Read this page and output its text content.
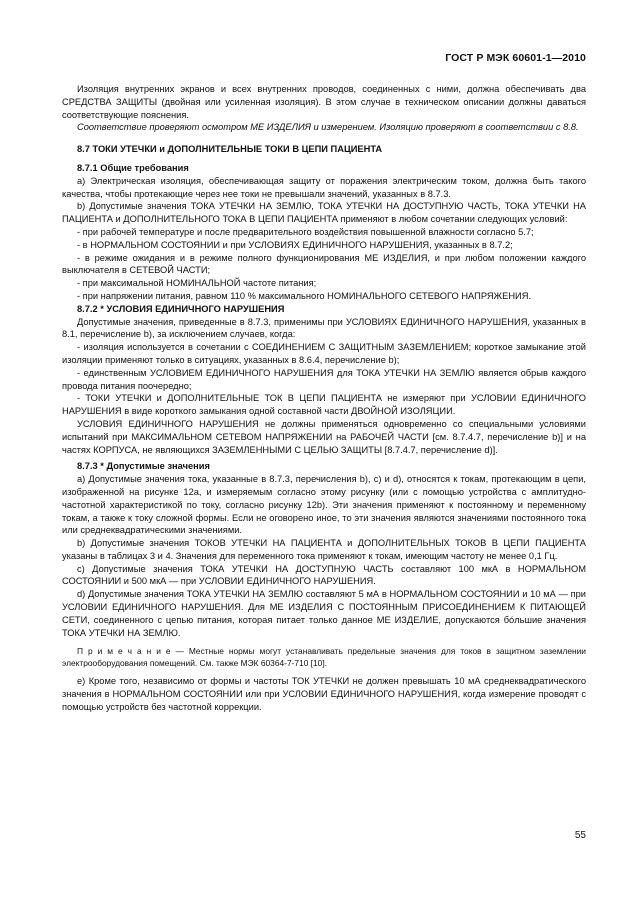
ГОСТ Р МЭК 60601-1—2010

Изоляция внутренних экранов и всех внутренних проводов, соединенных с ними, должна обеспечивать два СРЕДСТВА ЗАЩИТЫ (двойная или усиленная изоляция). В этом случае в техническом описании должны даваться соответствующие пояснения.

Соответствие проверяют осмотром МЕ ИЗДЕЛИЯ и измерением. Изоляцию проверяют в соответствии с 8.8.

8.7 ТОКИ УТЕЧКИ и ДОПОЛНИТЕЛЬНЫЕ ТОКИ В ЦЕПИ ПАЦИЕНТА

8.7.1 Общие требования

а) Электрическая изоляция, обеспечивающая защиту от поражения электрическим током, должна быть такого качества, чтобы протекающие через нее токи не превышали значений, указанных в 8.7.3.

b) Допустимые значения ТОКА УТЕЧКИ НА ЗЕМЛЮ, ТОКА УТЕЧКИ НА ДОСТУПНУЮ ЧАСТЬ, ТОКА УТЕЧКИ НА ПАЦИЕНТА и ДОПОЛНИТЕЛЬНОГО ТОКА В ЦЕПИ ПАЦИЕНТА применяют в любом сочетании следующих условий:

- при рабочей температуре и после предварительного воздействия повышенной влажности согласно 5.7;

- в НОРМАЛЬНОМ СОСТОЯНИИ и при УСЛОВИЯХ ЕДИНИЧНОГО НАРУШЕНИЯ, указанных в 8.7.2;

- в режиме ожидания и в режиме полного функционирования МЕ ИЗДЕЛИЯ, и при любом положении каждого выключателя в СЕТЕВОЙ ЧАСТИ;

- при максимальной НОМИНАЛЬНОЙ частоте питания;

- при напряжении питания, равном 110 % максимального НОМИНАЛЬНОГО СЕТЕВОГО НАПРЯЖЕНИЯ.

8.7.2 * УСЛОВИЯ ЕДИНИЧНОГО НАРУШЕНИЯ

Допустимые значения, приведенные в 8.7.3, применимы при УСЛОВИЯХ ЕДИНИЧНОГО НАРУШЕНИЯ, указанных в 8.1, перечисление b), за исключением случаев, когда:

- изоляция используется в сочетании с СОЕДИНЕНИЕМ С ЗАЩИТНЫМ ЗАЗЕМЛЕНИЕМ; короткое замыкание этой изоляции применяют только в ситуациях, указанных в 8.6.4, перечисление b);

- единственным УСЛОВИЕМ ЕДИНИЧНОГО НАРУШЕНИЯ для ТОКА УТЕЧКИ НА ЗЕМЛЮ является обрыв каждого провода питания поочередно;

- ТОКИ УТЕЧКИ и ДОПОЛНИТЕЛЬНЫЕ ТОК В ЦЕПИ ПАЦИЕНТА не измеряют при УСЛОВИИ ЕДИНИЧНОГО НАРУШЕНИЯ в виде короткого замыкания одной составной части ДВОЙНОЙ ИЗОЛЯЦИИ.

УСЛОВИЯ ЕДИНИЧНОГО НАРУШЕНИЯ не должны применяться одновременно со специальными условиями испытаний при МАКСИМАЛЬНОМ СЕТЕВОМ НАПРЯЖЕНИИ на РАБОЧЕЙ ЧАСТИ [см. 8.7.4.7, перечисление b)] и на частях КОРПУСА, не являющихся ЗАЗЕМЛЕННЫМИ С ЦЕЛЬЮ ЗАЩИТЫ [8.7.4.7, перечисление d)].

8.7.3 * Допустимые значения

а) Допустимые значения тока, указанные в 8.7.3, перечисления b), c) и d), относятся к токам, протекающим в цепи, изображенной на рисунке 12а, и измеряемым согласно этому рисунку (или с помощью устройства с амплитудно-частотной характеристикой по току, согласно рисунку 12b). Эти значения применяют к постоянному и переменному токам, а также к току сложной формы. Если не оговорено иное, то эти значения являются значениями постоянного тока или среднеквадратическими значениями.

b) Допустимые значения ТОКОВ УТЕЧКИ НА ПАЦИЕНТА и ДОПОЛНИТЕЛЬНЫХ ТОКОВ В ЦЕПИ ПАЦИЕНТА указаны в таблицах 3 и 4. Значения для переменного тока применяют к токам, имеющим частоту не менее 0,1 Гц.

с) Допустимые значения ТОКА УТЕЧКИ НА ДОСТУПНУЮ ЧАСТЬ составляют 100 мкА в НОРМАЛЬНОМ СОСТОЯНИИ и 500 мкА — при УСЛОВИИ ЕДИНИЧНОГО НАРУШЕНИЯ.

d) Допустимые значения ТОКА УТЕЧКИ НА ЗЕМЛЮ составляют 5 мА в НОРМАЛЬНОМ СОСТОЯНИИ и 10 мА — при УСЛОВИИ ЕДИНИЧНОГО НАРУШЕНИЯ. Для МЕ ИЗДЕЛИЯ С ПОСТОЯННЫМ ПРИСОЕДИНЕНИЕМ К ПИТАЮЩЕЙ СЕТИ, соединенного с цепью питания, которая питает только данное МЕ ИЗДЕЛИЕ, допускаются бóльшие значения ТОКА УТЕЧКИ НА ЗЕМЛЮ.

П р и м е ч а н и е — Местные нормы могут устанавливать предельные значения для токов в защитном заземлении электрооборудования помещений. См. также МЭК 60364-7-710 [10].

е) Кроме того, независимо от формы и частоты ТОК УТЕЧКИ не должен превышать 10 мА среднеквадратического значения в НОРМАЛЬНОМ СОСТОЯНИИ или при УСЛОВИИ ЕДИНИЧНОГО НАРУШЕНИЯ, когда измерение проводят с помощью устройств без частотной коррекции.

55
